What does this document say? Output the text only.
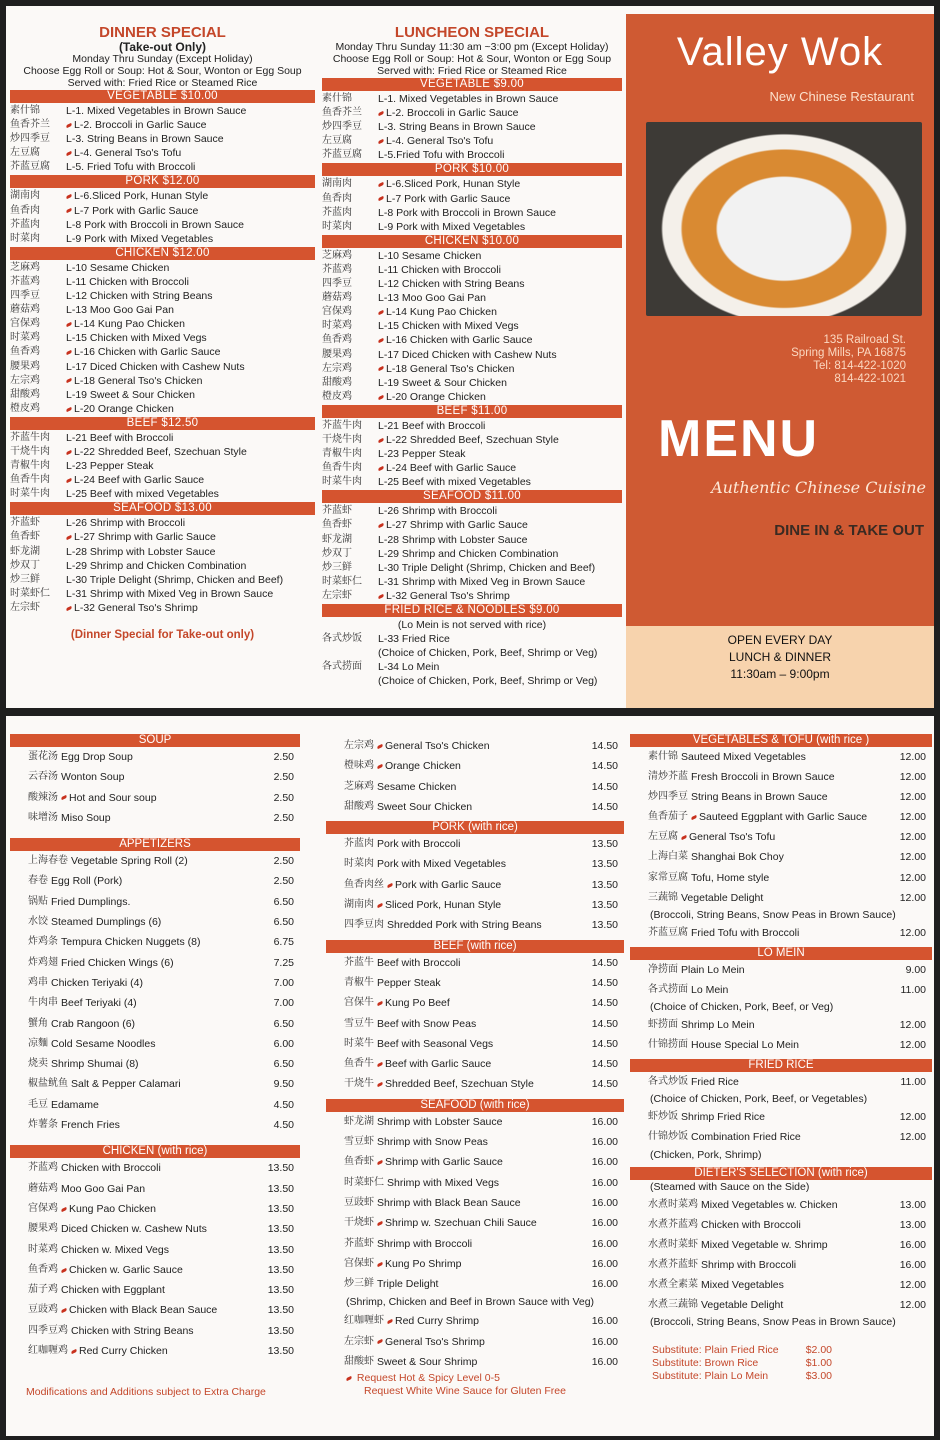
DINNER SPECIAL
(Take-out Only)
Monday Thru Sunday (Except Holiday)
Choose Egg Roll or Soup: Hot & Sour, Wonton or Egg Soup
Served with: Fried Rice or Steamed Rice
VEGETABLE $10.00
素什锦	L-1. Mixed Vegetables in Brown Sauce
鱼香芥兰	L-2. Broccoli in Garlic Sauce
炒四季豆	L-3. String Beans in Brown Sauce
左豆腐	L-4. General Tso's Tofu
芥蓝豆腐	L-5. Fried Tofu with Broccoli
PORK $12.00
湖南肉	L-6.Sliced Pork, Hunan Style
鱼香肉	L-7 Pork with Garlic Sauce
芥蓝肉	L-8 Pork with Broccoli in Brown Sauce
时菜肉	L-9 Pork with Mixed Vegetables
CHICKEN $12.00
芝麻鸡	L-10 Sesame Chicken
芥蓝鸡	L-11 Chicken with Broccoli
四季豆	L-12 Chicken with String Beans
蘑菇鸡	L-13 Moo Goo Gai Pan
宫保鸡	L-14 Kung Pao Chicken
时菜鸡	L-15 Chicken with Mixed Vegs
鱼香鸡	L-16 Chicken with Garlic Sauce
腰果鸡	L-17 Diced Chicken with Cashew Nuts
左宗鸡	L-18 General Tso's Chicken
甜酸鸡	L-19 Sweet & Sour Chicken
橙皮鸡	L-20 Orange Chicken
BEEF $12.50
芥蓝牛肉	L-21 Beef with Broccoli
干烧牛肉	L-22 Shredded Beef, Szechuan Style
青椒牛肉	L-23 Pepper Steak
鱼香牛肉	L-24 Beef with Garlic Sauce
时菜牛肉	L-25 Beef with mixed Vegetables
SEAFOOD $13.00
芥蓝虾	L-26 Shrimp with Broccoli
鱼香虾	L-27 Shrimp with Garlic Sauce
虾龙湖	L-28 Shrimp with Lobster Sauce
炒双丁	L-29 Shrimp and Chicken Combination
炒三鲜	L-30 Triple Delight (Shrimp, Chicken and Beef)
时菜虾仁	L-31 Shrimp with Mixed Veg in Brown Sauce
左宗虾	L-32 General Tso's Shrimp
(Dinner Special for Take-out only)
LUNCHEON SPECIAL
Monday Thru Sunday 11:30 am ~3:00 pm (Except Holiday)
Choose Egg Roll or Soup: Hot & Sour, Wonton or Egg Soup
Served with: Fried Rice or Steamed Rice
VEGETABLE $9.00
素什锦	L-1. Mixed Vegetables in Brown Sauce
鱼香芥兰	L-2. Broccoli in Garlic Sauce
炒四季豆	L-3. String Beans in Brown Sauce
左豆腐	L-4. General Tso's Tofu
芥蓝豆腐	L-5.Fried Tofu with Broccoli
PORK $10.00
湖南肉	L-6.Sliced Pork, Hunan Style
鱼香肉	L-7 Pork with Garlic Sauce
芥蓝肉	L-8 Pork with Broccoli in Brown Sauce
时菜肉	L-9 Pork with Mixed Vegetables
CHICKEN $10.00
芝麻鸡	L-10 Sesame Chicken
芥蓝鸡	L-11 Chicken with Broccoli
四季豆	L-12 Chicken with String Beans
蘑菇鸡	L-13 Moo Goo Gai Pan
宫保鸡	L-14 Kung Pao Chicken
时菜鸡	L-15 Chicken with Mixed Vegs
鱼香鸡	L-16 Chicken with Garlic Sauce
腰果鸡	L-17 Diced Chicken with Cashew Nuts
左宗鸡	L-18 General Tso's Chicken
甜酸鸡	L-19 Sweet & Sour Chicken
橙皮鸡	L-20 Orange Chicken
BEEF $11.00
芥蓝牛肉	L-21 Beef with Broccoli
干烧牛肉	L-22 Shredded Beef, Szechuan Style
青椒牛肉	L-23 Pepper Steak
鱼香牛肉	L-24 Beef with Garlic Sauce
时菜牛肉	L-25 Beef with mixed Vegetables
SEAFOOD $11.00
芥蓝虾	L-26 Shrimp with Broccoli
鱼香虾	L-27 Shrimp with Garlic Sauce
虾龙湖	L-28 Shrimp with Lobster Sauce
炒双丁	L-29 Shrimp and Chicken Combination
炒三鲜	L-30 Triple Delight (Shrimp, Chicken and Beef)
时菜虾仁	L-31 Shrimp with Mixed Veg in Brown Sauce
左宗虾	L-32 General Tso's Shrimp
FRIED RICE & NOODLES $9.00
(Lo Mein is not served with rice)
各式炒饭	L-33 Fried Rice
(Choice of Chicken, Pork, Beef, Shrimp or Veg)
各式捞面	L-34 Lo Mein
(Choice of Chicken, Pork, Beef, Shrimp or Veg)
Valley Wok
New Chinese Restaurant
135 Railroad St.
Spring Mills, PA 16875
Tel: 814-422-1020
814-422-1021
MENU
Authentic Chinese Cuisine
DINE IN & TAKE OUT
OPEN EVERY DAY
LUNCH & DINNER
11:30am – 9:00pm
SOUP
蛋花汤 Egg Drop Soup	2.50
云吞汤 Wonton Soup	2.50
酸辣汤	Hot and Sour soup	2.50
味增汤 Miso Soup	2.50
APPETIZERS
上海春卷 Vegetable Spring Roll (2)	2.50
春卷 Egg Roll (Pork)	2.50
锅贴 Fried Dumplings.	6.50
水饺 Steamed Dumplings (6)	6.50
炸鸡条 Tempura Chicken Nuggets (8)	6.75
炸鸡翅 Fried Chicken Wings (6)	7.25
鸡串 Chicken Teriyaki (4)	7.00
牛肉串 Beef Teriyaki (4)	7.00
蟹角 Crab Rangoon (6)	6.50
凉麵 Cold Sesame Noodles	6.00
烧卖 Shrimp Shumai (8)	6.50
椒盐鱿鱼 Salt & Pepper Calamari	9.50
毛豆 Edamame	4.50
炸薯条 French Fries	4.50
CHICKEN (with rice)
芥蓝鸡 Chicken with Broccoli	13.50
蘑菇鸡 Moo Goo Gai Pan	13.50
宫保鸡	Kung Pao Chicken	13.50
腰果鸡 Diced Chicken w. Cashew Nuts	13.50
时菜鸡 Chicken w. Mixed Vegs	13.50
鱼香鸡	Chicken w. Garlic Sauce	13.50
茄子鸡 Chicken with Eggplant	13.50
豆豉鸡	Chicken with Black Bean Sauce	13.50
四季豆鸡 Chicken with String Beans	13.50
红咖喱鸡	Red Curry Chicken	13.50
Modifications and Additions subject to Extra Charge
左宗鸡	General Tso's Chicken	14.50
橙味鸡	Orange Chicken	14.50
芝麻鸡 Sesame Chicken	14.50
甜酸鸡 Sweet Sour Chicken	14.50
PORK (with rice)
芥蓝肉 Pork with Broccoli	13.50
时菜肉 Pork with Mixed Vegetables	13.50
鱼香肉丝	Pork with Garlic Sauce	13.50
湖南肉	Sliced Pork, Hunan Style	13.50
四季豆肉 Shredded Pork with String Beans	13.50
BEEF (with rice)
芥蓝牛 Beef with Broccoli	14.50
青椒牛 Pepper Steak	14.50
宫保牛	Kung Po Beef	14.50
雪豆牛 Beef with Snow Peas	14.50
时菜牛 Beef with Seasonal Vegs	14.50
鱼香牛	Beef with Garlic Sauce	14.50
干烧牛	Shredded Beef, Szechuan Style	14.50
SEAFOOD (with rice)
虾龙湖 Shrimp with Lobster Sauce	16.00
雪豆虾 Shrimp with Snow Peas	16.00
鱼香虾	Shrimp with Garlic Sauce	16.00
时菜虾仁 Shrimp with Mixed Vegs	16.00
豆豉虾 Shrimp with Black Bean Sauce	16.00
干烧虾	Shrimp w. Szechuan Chili Sauce	16.00
芥蓝虾 Shrimp with Broccoli	16.00
宫保虾	Kung Po Shrimp	16.00
炒三鲜 Triple Delight	16.00
(Shrimp, Chicken and Beef in Brown Sauce with Veg)
红咖喱虾	Red Curry Shrimp	16.00
左宗虾	General Tso's Shrimp	16.00
甜酸虾 Sweet & Sour Shrimp	16.00
Request Hot & Spicy Level 0-5
Request White Wine Sauce for Gluten Free
VEGETABLES & TOFU (with rice )
素什锦 Sauteed Mixed Vegetables	12.00
清炒芥蓝 Fresh Broccoli in Brown Sauce	12.00
炒四季豆 String Beans in Brown Sauce	12.00
鱼香茄子	Sauteed Eggplant with Garlic Sauce	12.00
左豆腐	General Tso's Tofu	12.00
上海白菜 Shanghai Bok Choy	12.00
家常豆腐 Tofu, Home style	12.00
三蔬锦 Vegetable Delight	12.00
(Broccoli, String Beans, Snow Peas in Brown Sauce)
芥蓝豆腐 Fried Tofu with Broccoli	12.00
LO MEIN
净捞面 Plain Lo Mein	9.00
各式捞面 Lo Mein	11.00
(Choice of Chicken, Pork, Beef, or Veg)
虾捞面 Shrimp Lo Mein	12.00
什锦捞面 House Special Lo Mein	12.00
FRIED RICE
各式炒饭 Fried Rice	11.00
(Choice of Chicken, Pork, Beef, or Vegetables)
虾炒饭 Shrimp Fried Rice	12.00
什锦炒饭 Combination Fried Rice	12.00
(Chicken, Pork, Shrimp)
DIETER'S SELECTION (with rice)
(Steamed with Sauce on the Side)
水煮时菜鸡 Mixed Vegetables w. Chicken	13.00
水煮芥蓝鸡 Chicken with Broccoli	13.00
水煮时菜虾 Mixed Vegetable w. Shrimp	16.00
水煮芥蓝虾 Shrimp with Broccoli	16.00
水煮全素菜 Mixed Vegetables	12.00
水煮三蔬锦 Vegetable Delight	12.00
(Broccoli, String Beans, Snow Peas in Brown Sauce)
Substitute: Plain Fried Rice	$2.00
Substitute: Brown Rice	$1.00
Substitute: Plain Lo Mein	$3.00
